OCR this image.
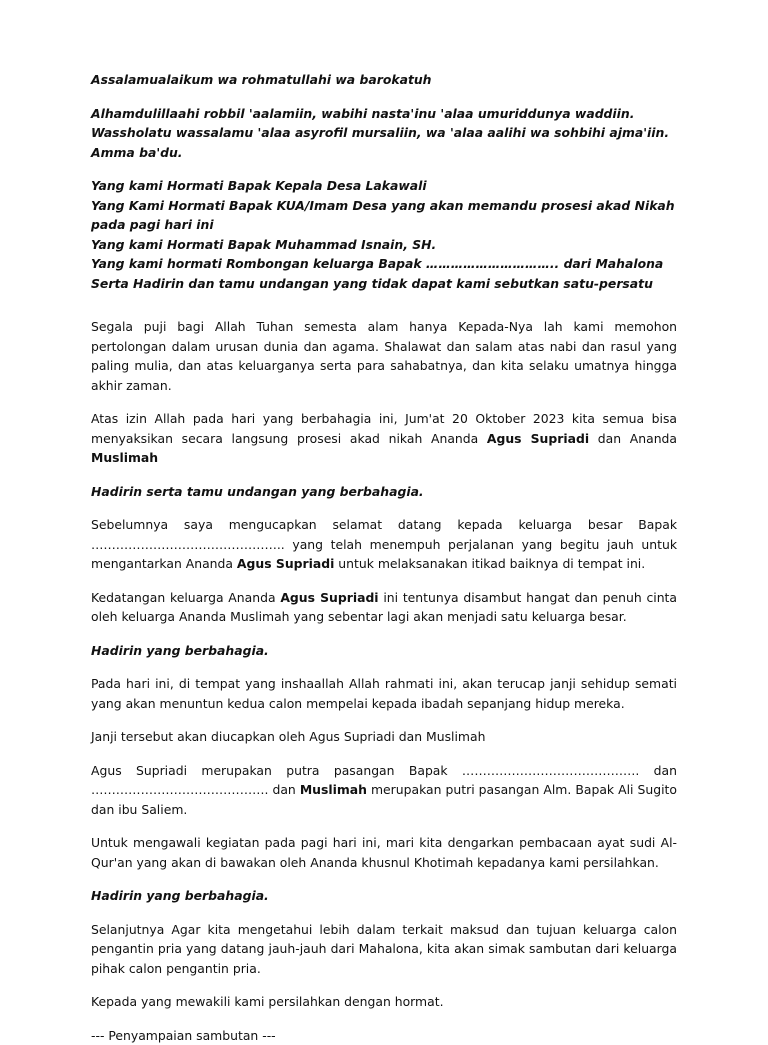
Assalamualaikum wa rohmatullahi wa barokatuh

Alhamdulillaahi robbil 'aalamiin, wabihi nasta'inu 'alaa umuriddunya waddiin.
Wassholatu wassalamu 'alaa asyrofil mursaliin, wa 'alaa aalihi wa sohbihi ajma'iin.
Amma ba'du.

Yang kami Hormati Bapak Kepala Desa Lakawali
Yang Kami Hormati Bapak KUA/Imam Desa yang akan memandu prosesi akad Nikah
pada pagi hari ini
Yang kami Hormati Bapak Muhammad Isnain, SH.
Yang kami hormati Rombongan keluarga Bapak ………………………….. dari Mahalona
Serta Hadirin dan tamu undangan yang tidak dapat kami sebutkan satu-persatu

Segala puji bagi Allah Tuhan semesta alam hanya Kepada-Nya lah kami memohon pertolongan dalam urusan dunia dan agama. Shalawat dan salam atas nabi dan rasul yang paling mulia, dan atas keluarganya serta para sahabatnya, dan kita selaku umatnya hingga akhir zaman.

Atas izin Allah pada hari yang berbahagia ini, Jum'at 20 Oktober 2023 kita semua bisa menyaksikan secara langsung prosesi akad nikah Ananda Agus Supriadi dan Ananda Muslimah

Hadirin serta tamu undangan yang berbahagia.

Sebelumnya saya mengucapkan selamat datang kepada keluarga besar Bapak ……………………………………….. yang telah menempuh perjalanan yang begitu jauh untuk mengantarkan Ananda Agus Supriadi untuk melaksanakan itikad baiknya di tempat ini.

Kedatangan keluarga Ananda Agus Supriadi ini tentunya disambut hangat dan penuh cinta oleh keluarga Ananda Muslimah yang sebentar lagi akan menjadi satu keluarga besar.

Hadirin yang berbahagia.

Pada hari ini, di tempat yang inshaallah Allah rahmati ini, akan terucap janji sehidup semati yang akan menuntun kedua calon mempelai kepada ibadah sepanjang hidup mereka.

Janji tersebut akan diucapkan oleh Agus Supriadi dan Muslimah

Agus Supriadi merupakan putra pasangan Bapak ……………………………………. dan ……………………………………. dan Muslimah merupakan putri pasangan Alm. Bapak Ali Sugito dan ibu Saliem.

Untuk mengawali kegiatan pada pagi hari ini, mari kita dengarkan pembacaan ayat sudi Al-Qur'an yang akan di bawakan oleh Ananda khusnul Khotimah kepadanya kami persilahkan.

Hadirin yang berbahagia.

Selanjutnya Agar kita mengetahui lebih dalam terkait maksud dan tujuan keluarga calon pengantin pria yang datang jauh-jauh dari Mahalona, kita akan simak sambutan dari keluarga pihak calon pengantin pria.

Kepada yang mewakili kami persilahkan dengan hormat.

--- Penyampaian sambutan ---
